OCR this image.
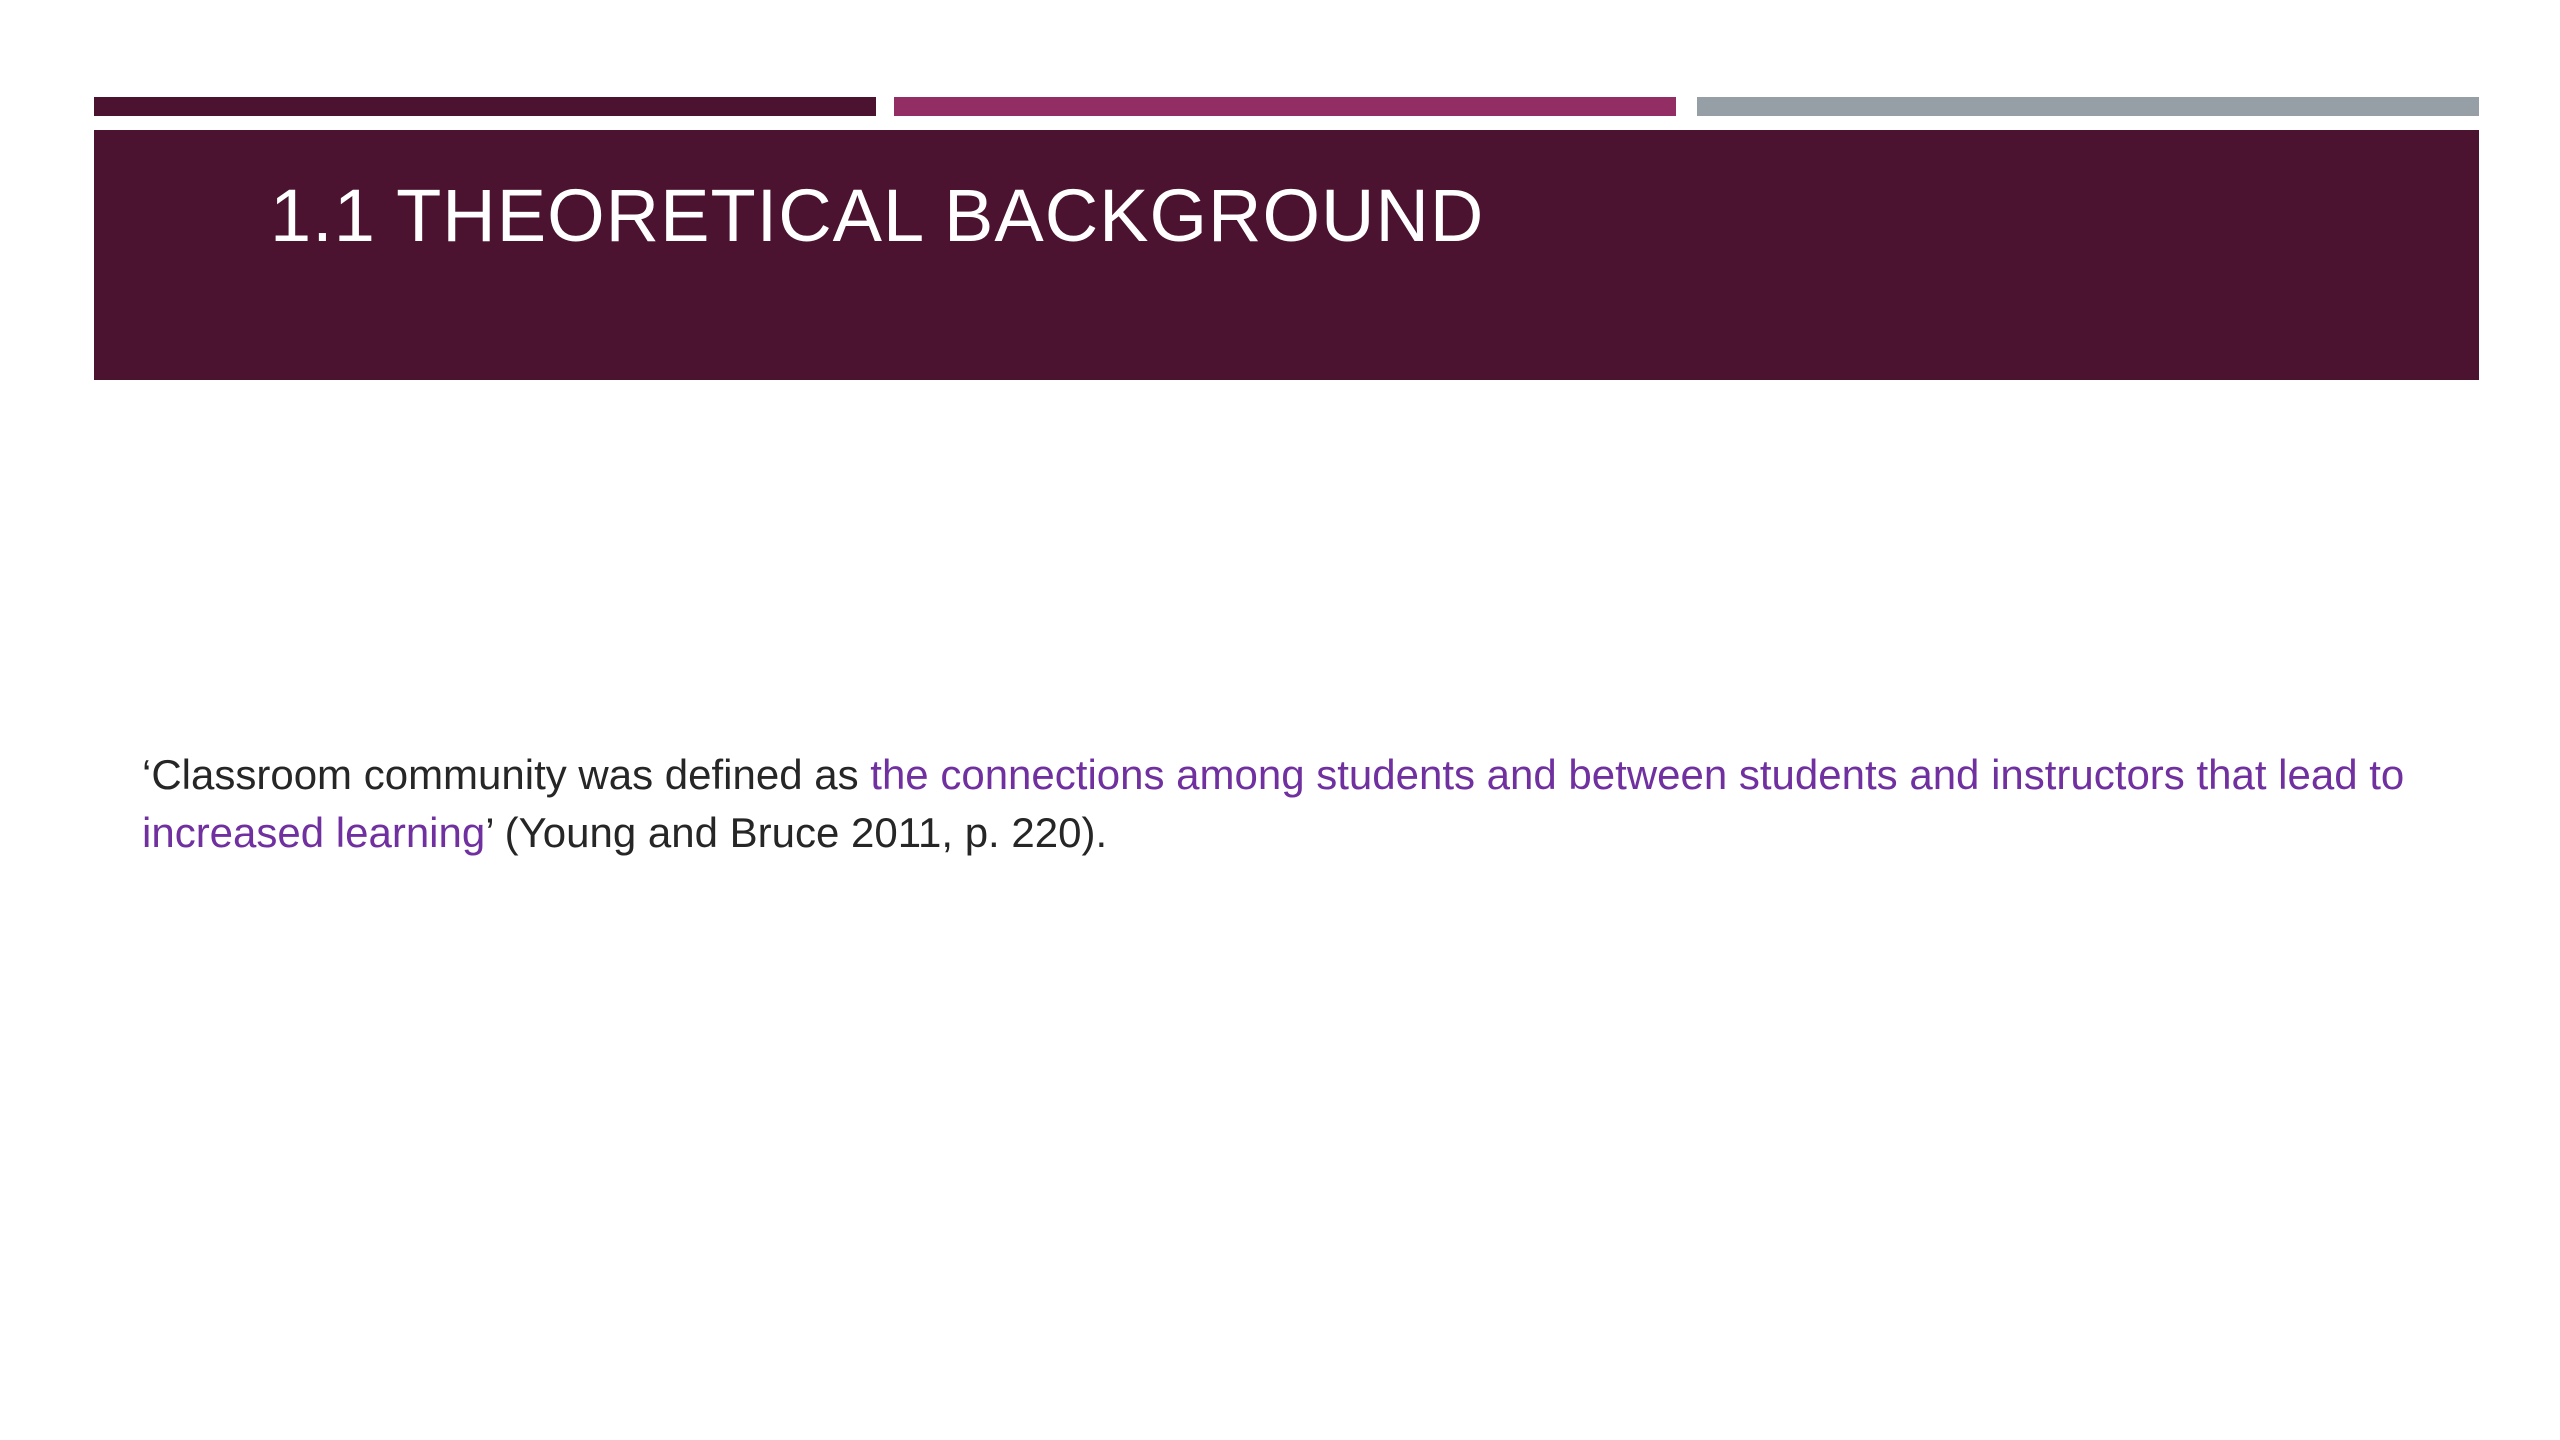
1.1 THEORETICAL BACKGROUND

‘Classroom community was defined as the connections among students and between students and instructors that lead to increased learning’ (Young and Bruce 2011, p. 220).
